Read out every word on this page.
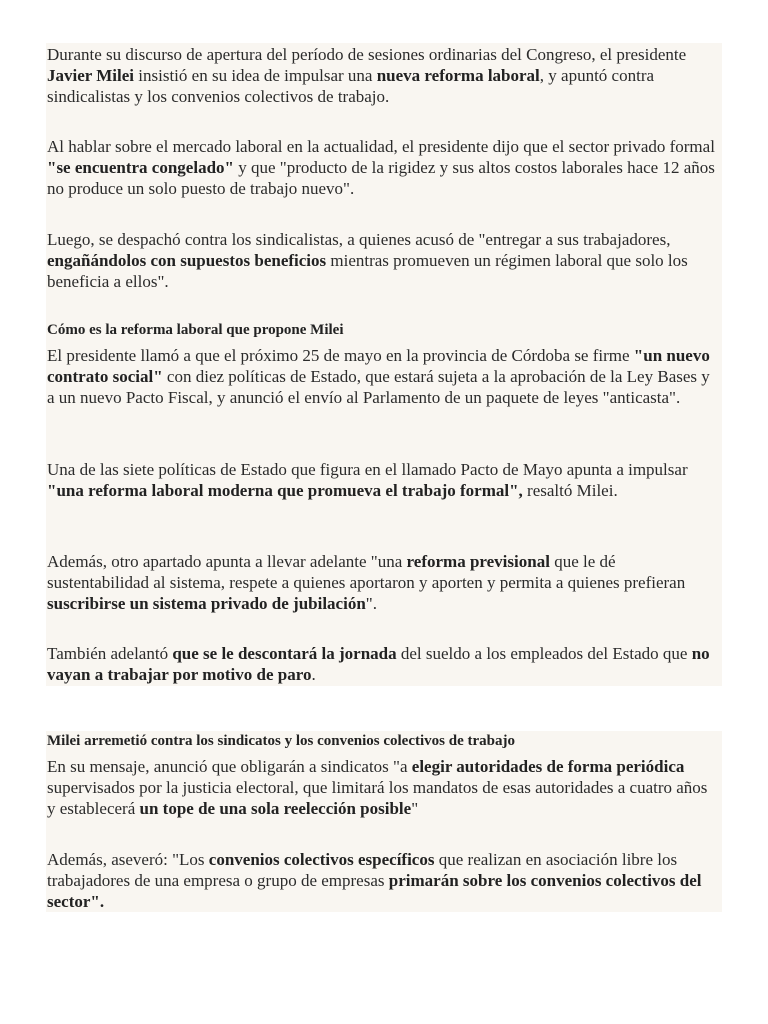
Durante su discurso de apertura del período de sesiones ordinarias del Congreso, el presidente Javier Milei insistió en su idea de impulsar una nueva reforma laboral, y apuntó contra sindicalistas y los convenios colectivos de trabajo.

Al hablar sobre el mercado laboral en la actualidad, el presidente dijo que el sector privado formal "se encuentra congelado" y que "producto de la rigidez y sus altos costos laborales hace 12 años no produce un solo puesto de trabajo nuevo".

Luego, se despachó contra los sindicalistas, a quienes acusó de "entregar a sus trabajadores, engañándolos con supuestos beneficios mientras promueven un régimen laboral que solo los beneficia a ellos".

Cómo es la reforma laboral que propone Milei

El presidente llamó a que el próximo 25 de mayo en la provincia de Córdoba se firme "un nuevo contrato social" con diez políticas de Estado, que estará sujeta a la aprobación de la Ley Bases y a un nuevo Pacto Fiscal, y anunció el envío al Parlamento de un paquete de leyes "anticasta".

Una de las siete políticas de Estado que figura en el llamado Pacto de Mayo apunta a impulsar "una reforma laboral moderna que promueva el trabajo formal", resaltó Milei.

Además, otro apartado apunta a llevar adelante "una reforma previsional que le dé sustentabilidad al sistema, respete a quienes aportaron y aporten y permita a quienes prefieran suscribirse un sistema privado de jubilación".

También adelantó que se le descontará la jornada del sueldo a los empleados del Estado que no vayan a trabajar por motivo de paro.

Milei arremetió contra los sindicatos y los convenios colectivos de trabajo

En su mensaje, anunció que obligarán a sindicatos "a elegir autoridades de forma periódica supervisados por la justicia electoral, que limitará los mandatos de esas autoridades a cuatro años y establecerá un tope de una sola reelección posible"

Además, aseveró: "Los convenios colectivos específicos que realizan en asociación libre los trabajadores de una empresa o grupo de empresas primarán sobre los convenios colectivos del sector".
